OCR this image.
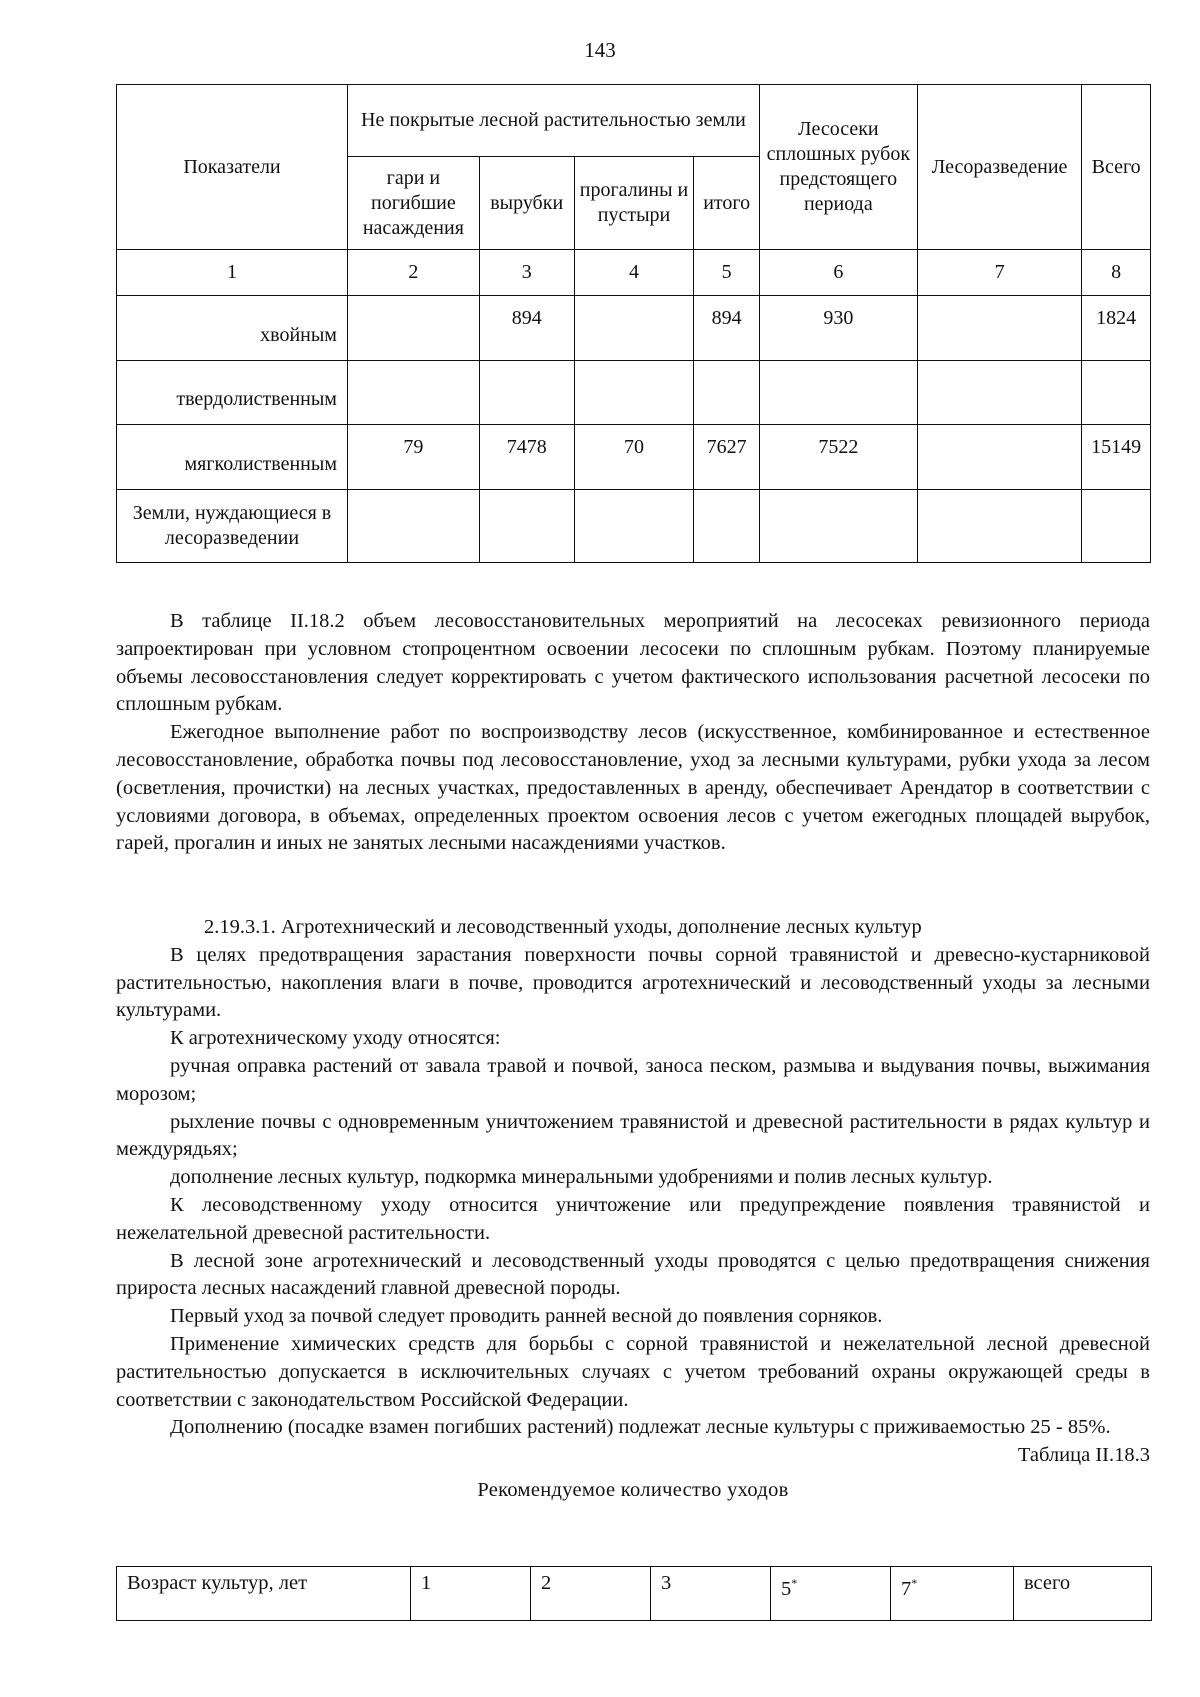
143
Показатели	Не покрытые лесной растительностью земли				Лесосеки сплошных рубок предстоящего периода	Лесоразведение	Всего
	гари и погибшие насаждения	вырубки	прогалины и пустыри	итого			
1	2	3	4	5	6	7	8
хвойным		894		894	930		1824
твердолиственным							
мягколиственным	79	7478	70	7627	7522		15149
Земли, нуждающиеся в лесоразведении							

В таблице II.18.2 объем лесовосстановительных мероприятий на лесосеках ревизионного периода запроектирован при условном стопроцентном освоении лесосеки по сплошным рубкам. Поэтому планируемые объемы лесовосстановления следует корректировать с учетом фактического использования расчетной лесосеки по сплошным рубкам.

Ежегодное выполнение работ по воспроизводству лесов (искусственное, комбинированное и естественное лесовосстановление, обработка почвы под лесовосстановление, уход за лесными культурами, рубки ухода за лесом (осветления, прочистки) на лесных участках, предоставленных в аренду, обеспечивает Арендатор в соответствии с условиями договора, в объемах, определенных проектом освоения лесов с учетом ежегодных площадей вырубок, гарей, прогалин и иных не занятых лесными насаждениями участков.

2.19.3.1. Агротехнический и лесоводственный уходы, дополнение лесных культур

В целях предотвращения зарастания поверхности почвы сорной травянистой и древесно-кустарниковой растительностью, накопления влаги в почве, проводится агротехнический и лесоводственный уходы за лесными культурами.

К агротехническому уходу относятся:

ручная оправка растений от завала травой и почвой, заноса песком, размыва и выдувания почвы, выжимания морозом;

рыхление почвы с одновременным уничтожением травянистой и древесной растительности в рядах культур и междурядьях;

дополнение лесных культур, подкормка минеральными удобрениями и полив лесных культур.

К лесоводственному уходу относится уничтожение или предупреждение появления травянистой и нежелательной древесной растительности.

В лесной зоне агротехнический и лесоводственный уходы проводятся с целью предотвращения снижения прироста лесных насаждений главной древесной породы.

Первый уход за почвой следует проводить ранней весной до появления сорняков.

Применение химических средств для борьбы с сорной травянистой и нежелательной лесной древесной растительностью допускается в исключительных случаях с учетом требований охраны окружающей среды в соответствии с законодательством Российской Федерации.

Дополнению (посадке взамен погибших растений) подлежат лесные культуры с приживаемостью 25 - 85%.

Таблица II.18.3

Рекомендуемое количество уходов

Возраст культур, лет	1	2	3	5*	7*	всего
